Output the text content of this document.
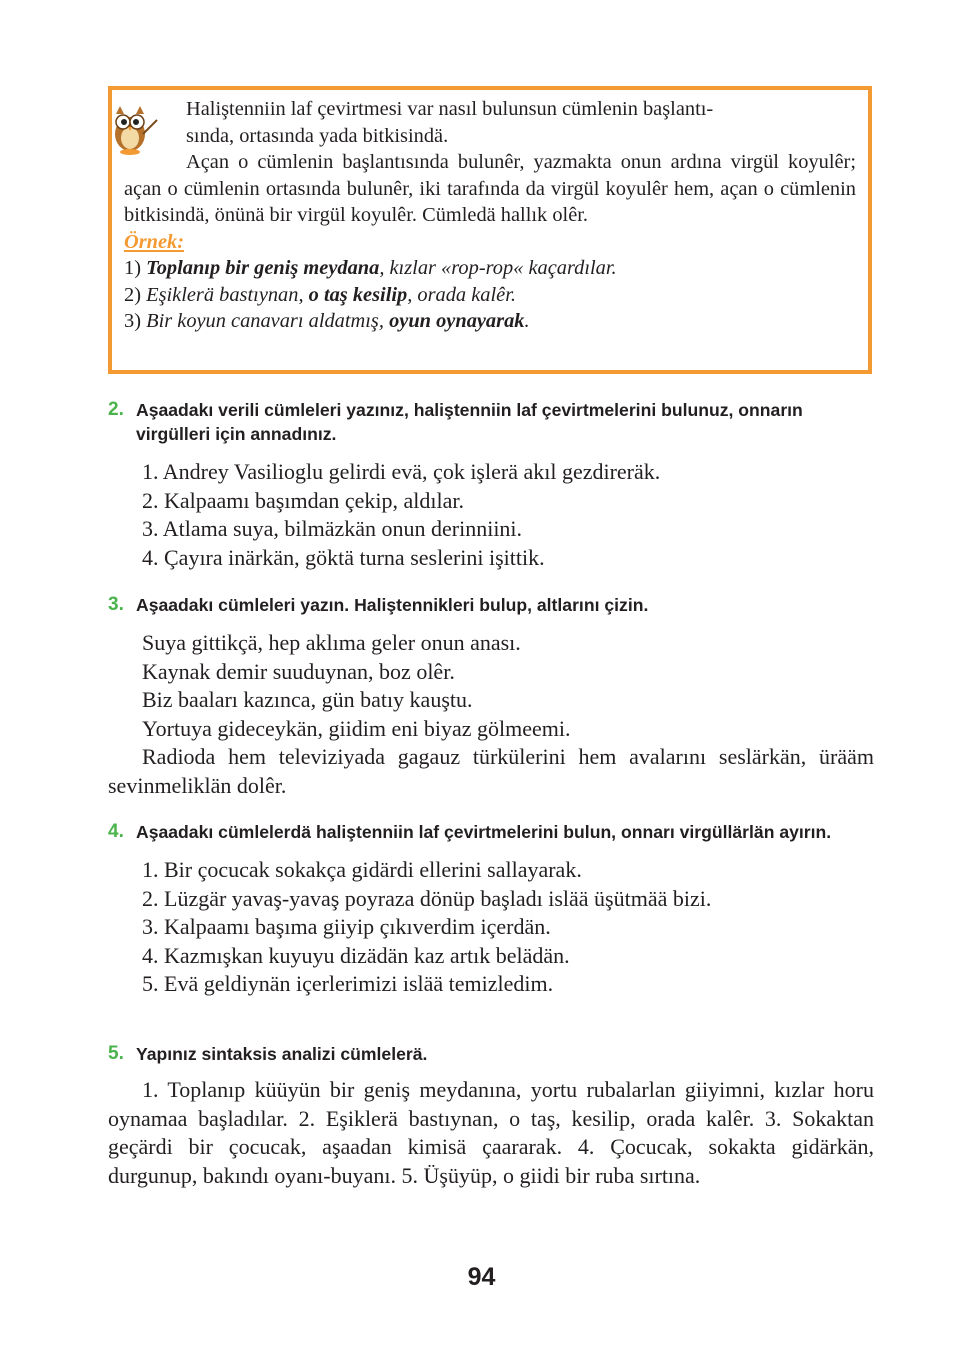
Haliştenniin laf çevirtmesi var nasıl bulunsun cümlenin başlantı-

sında, ortasında yada bitkisindä.

Açan o cümlenin başlantısında bulunêr, yazmakta onun ardına virgül koyulêr; açan o cümlenin ortasında bulunêr, iki tarafında da virgül koyulêr hem, açan o cümlenin bitkisindä, önünä bir virgül koyulêr. Cümledä hallık olêr.

Örnek:

1) Toplanıp bir geniş meydana, kızlar «rop-rop« kaçardılar.

2) Eşiklerä bastıynan, o taş kesilip, orada kalêr.

3) Bir koyun canavarı aldatmış, oyun oynayarak.

2. Aşaadakı verili cümleleri yazınız, haliştenniin laf çevirtmelerini bulunuz, onnarın virgülleri için annadınız.

1. Andrey Vasilioglu gelirdi evä, çok işlerä akıl gezdireräk.

2. Kalpaamı başımdan çekip, aldılar.

3. Atlama suya, bilmäzkän onun derinniini.

4. Çayıra inärkän, göktä turna seslerini işittik.

3. Aşaadakı cümleleri yazın. Haliştennikleri bulup, altlarını çizin.

Suya gittikçä, hep aklıma geler onun anası.

Kaynak demir suuduynan, boz olêr.

Biz baaları kazınca, gün batıy kauştu.

Yortuya gideceykän, giidim eni biyaz gölmeemi.

Radioda hem televiziyada gagauz türkülerini hem avalarını seslärkän, ürääm sevinmeliklän dolêr.

4. Aşaadakı cümlelerdä haliştenniin laf çevirtmelerini bulun, onnarı virgüllärlän ayırın.

1. Bir çocucak sokakça gidärdi ellerini sallayarak.

2. Lüzgär yavaş-yavaş poyraza dönüp başladı islää üşütmää bizi.

3. Kalpaamı başıma giiyip çıkıverdim içerdän.

4. Kazmışkan kuyuyu dizädän kaz artık belädän.

5. Evä geldiynän içerlerimizi islää temizledim.

5. Yapınız sintaksis analizi cümlelerä.

1. Toplanıp küüyün bir geniş meydanına, yortu rubalarlan giiyimni, kızlar horu oynamaa başladılar. 2. Eşiklerä bastıynan, o taş, kesilip, orada kalêr. 3. Sokaktan geçärdi bir çocucak, aşaadan kimisä çaararak. 4. Çocucak, sokakta gidärkän, durgunup, bakındı oyanı-buyanı. 5. Üşüyüp, o giidi bir ruba sırtına.

94
